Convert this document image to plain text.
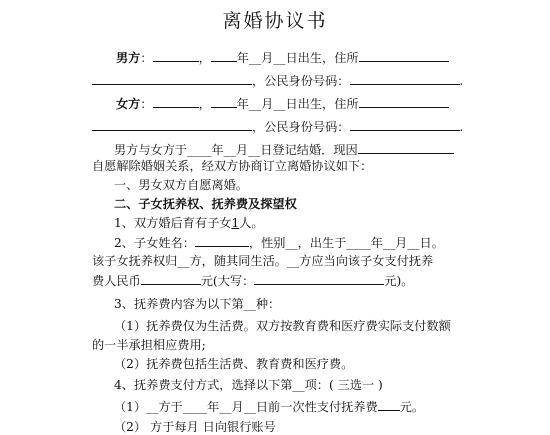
离婚协议书
男方：	， 年__月__日出生，住所
，公民身份号码：	.
女方：	， 年__月__日出生，住所
，公民身份号码：	.
男方与女方于____年__月__日登记结婚．现因
自愿解除婚姻关系，经双方协商订立离婚协议如下：
一、男女双方自愿离婚。
二、子女抚养权、抚养费及探望权
1、双方婚后育有子女1人。
2、子女姓名：	，性别__，出生于____年__月__日。
该子女抚养权归__方，随其同生活。__方应当向该子女支付抚养
费人民币	元(大写：	元)。
3、抚养费内容为以下第__种：
（1）抚养费仅为生活费。双方按教育费和医疗费实际支付数额
的一半承担相应费用;
（2）抚养费包括生活费、教育费和医疗费。
4、抚养费支付方式，选择以下第__项：( 三选一 )
（1）__方于____年__月__日前一次性支付抚养费 元。
（2） 方于每月 日向银行账号
